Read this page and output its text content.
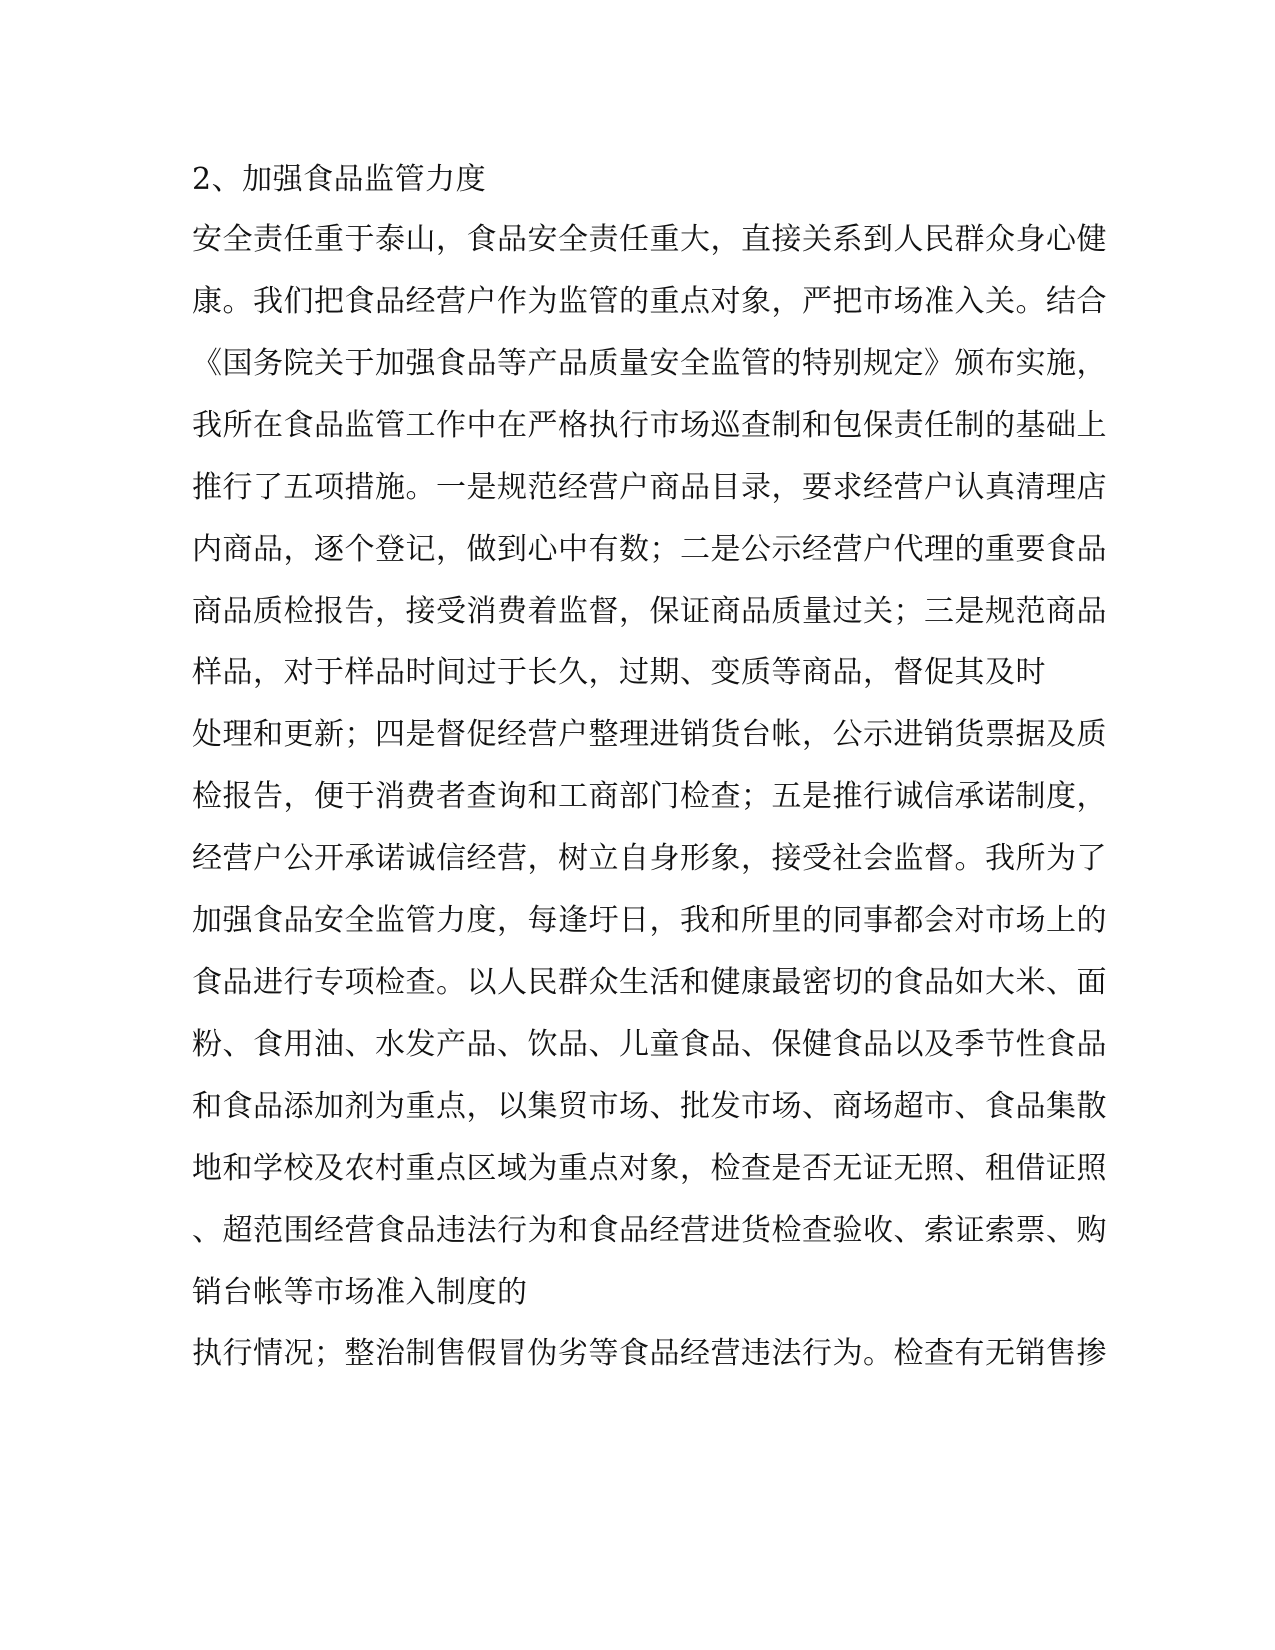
2、加强食品监管力度
安全责任重于泰山，食品安全责任重大，直接关系到人民群众身心健
康。我们把食品经营户作为监管的重点对象，严把市场准入关。结合
《国务院关于加强食品等产品质量安全监管的特别规定》颁布实施，
我所在食品监管工作中在严格执行市场巡查制和包保责任制的基础上
推行了五项措施。一是规范经营户商品目录，要求经营户认真清理店
内商品，逐个登记，做到心中有数；二是公示经营户代理的重要食品
商品质检报告，接受消费着监督，保证商品质量过关；三是规范商品
样品，对于样品时间过于长久，过期、变质等商品，督促其及时
处理和更新；四是督促经营户整理进销货台帐，公示进销货票据及质
检报告，便于消费者查询和工商部门检查；五是推行诚信承诺制度，
经营户公开承诺诚信经营，树立自身形象，接受社会监督。我所为了
加强食品安全监管力度，每逢圩日，我和所里的同事都会对市场上的
食品进行专项检查。以人民群众生活和健康最密切的食品如大米、面
粉、食用油、水发产品、饮品、儿童食品、保健食品以及季节性食品
和食品添加剂为重点，以集贸市场、批发市场、商场超市、食品集散
地和学校及农村重点区域为重点对象，检查是否无证无照、租借证照
、超范围经营食品违法行为和食品经营进货检查验收、索证索票、购
销台帐等市场准入制度的
执行情况；整治制售假冒伪劣等食品经营违法行为。检查有无销售掺
